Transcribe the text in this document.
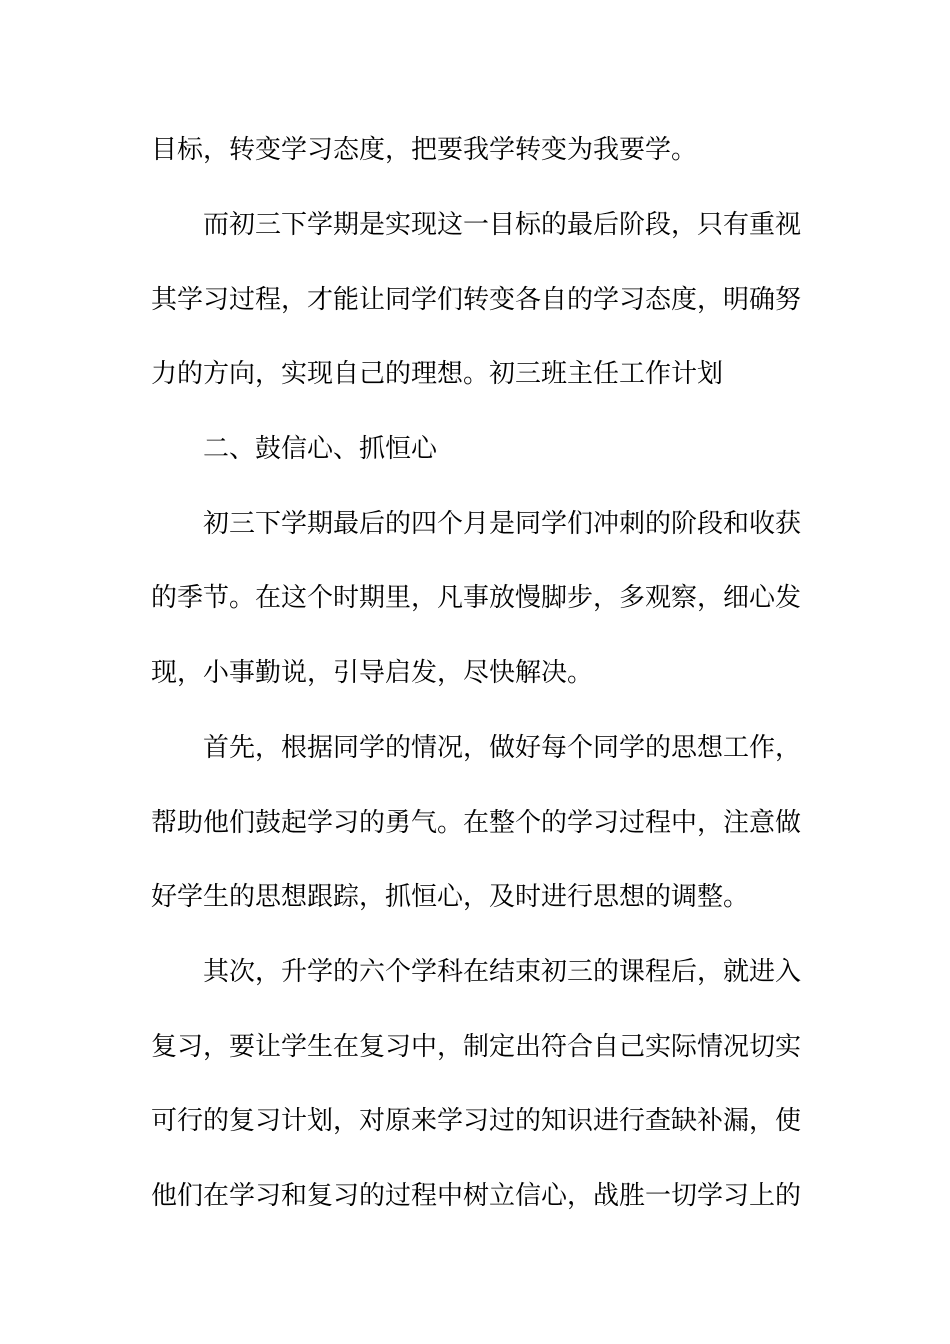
目标，转变学习态度，把要我学转变为我要学。
而初三下学期是实现这一目标的最后阶段，只有重视
其学习过程，才能让同学们转变各自的学习态度，明确努
力的方向，实现自己的理想。初三班主任工作计划
二、鼓信心、抓恒心
初三下学期最后的四个月是同学们冲刺的阶段和收获
的季节。在这个时期里，凡事放慢脚步，多观察，细心发
现，小事勤说，引导启发，尽快解决。
首先，根据同学的情况，做好每个同学的思想工作，
帮助他们鼓起学习的勇气。在整个的学习过程中，注意做
好学生的思想跟踪，抓恒心，及时进行思想的调整。
其次，升学的六个学科在结束初三的课程后，就进入
复习，要让学生在复习中，制定出符合自己实际情况切实
可行的复习计划，对原来学习过的知识进行查缺补漏，使
他们在学习和复习的过程中树立信心，战胜一切学习上的
